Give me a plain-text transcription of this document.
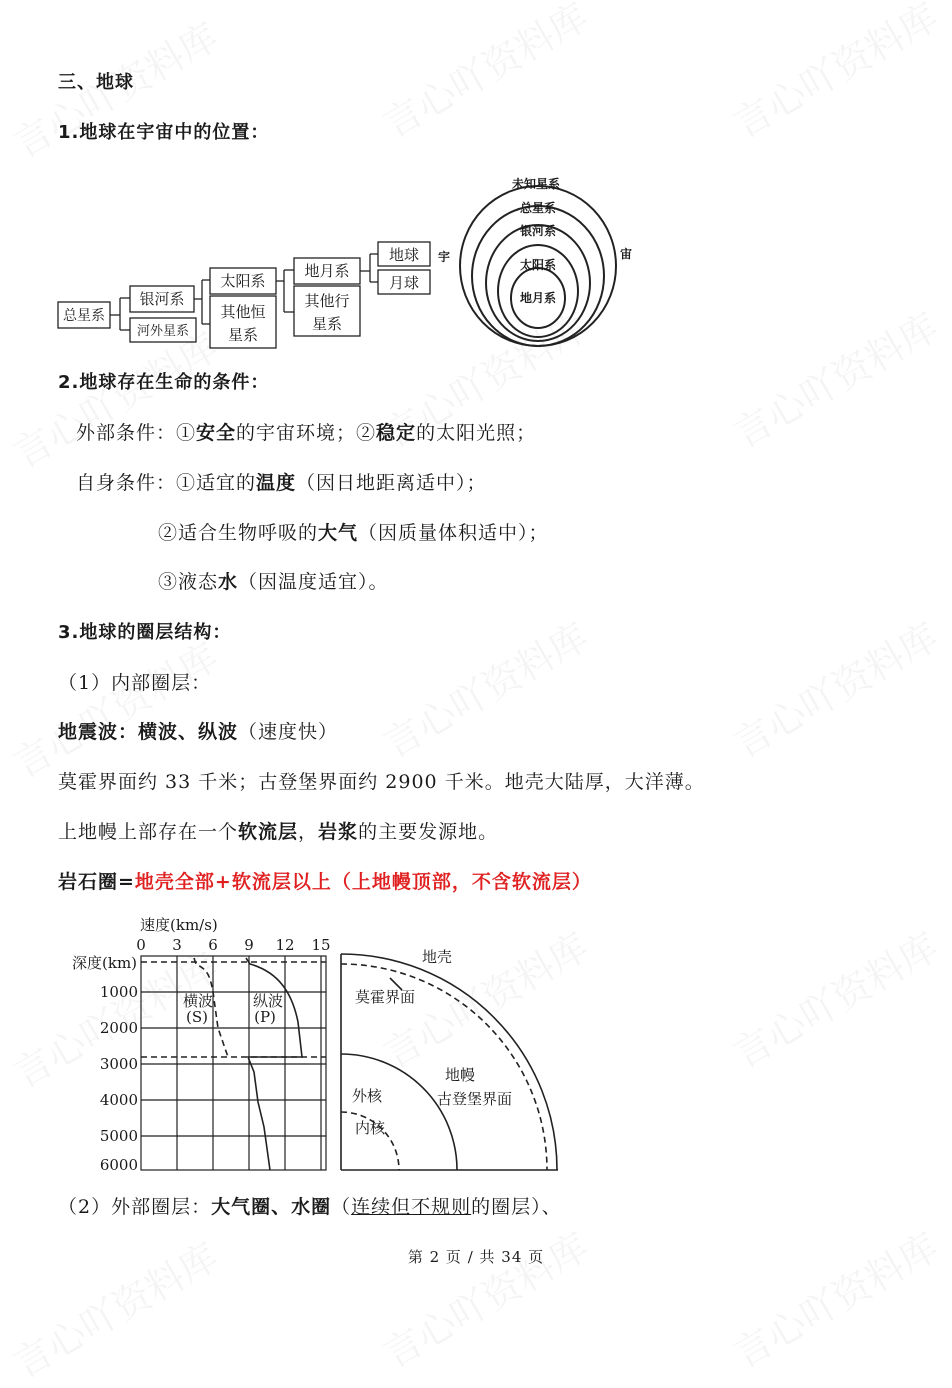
三、地球
1.地球在宇宙中的位置：
总星系
银河系
河外星系
太阳系
其他恒
星系
地月系
其他行
星系
地球
月球
未知星系
总星系
银河系
太阳系
地月系
宇	宙
2.地球存在生命的条件：
外部条件：①安全的宇宙环境；②稳定的太阳光照；
自身条件：①适宜的温度（因日地距离适中）；
②适合生物呼吸的大气（因质量体积适中）；
③液态水（因温度适宜）。
3.地球的圈层结构：
（1）内部圈层：
地震波：横波、纵波（速度快）
莫霍界面约 33 千米；古登堡界面约 2900 千米。地壳大陆厚，大洋薄。
上地幔上部存在一个软流层，岩浆的主要发源地。
岩石圈=地壳全部+软流层以上（上地幔顶部，不含软流层）
速度(km/s)
0 3 6 9 12 15
深度(km)
1000
2000
3000
4000
5000
6000
横波
(S)
纵波
(P)
地壳
莫霍界面
地幔
古登堡界面
外核
内核
（2）外部圈层：大气圈、水圈（连续但不规则的圈层）、
第 2 页 / 共 34 页
